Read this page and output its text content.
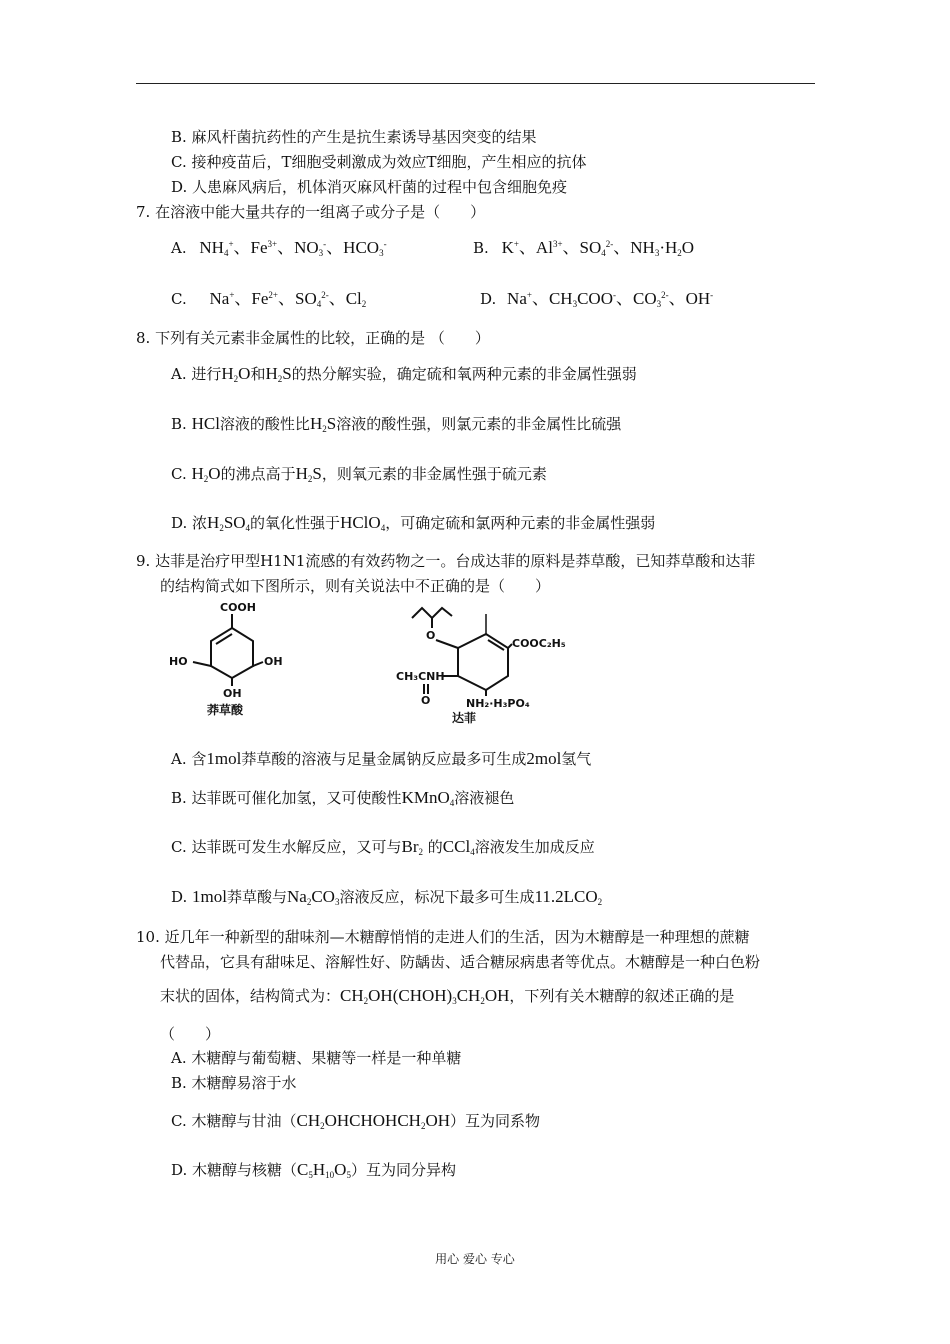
B. 麻风杆菌抗药性的产生是抗生素诱导基因突变的结果
C. 接种疫苗后，T细胞受刺激成为效应T细胞，产生相应的抗体
D. 人患麻风病后，机体消灭麻风杆菌的过程中包含细胞免疫
7. 在溶液中能大量共存的一组离子或分子是（　　）
A. $NH_4^+$、$Fe^{3+}$、$NO_3^-$、$HCO_3^-$	B. K+、$Al^{3+}$、$SO_4^{2-}$、$NH_3\cdot H_2O$
C. Na+、$Fe^{2+}$、$SO_4^{2-}$、$Cl_2$	D. Na+、$CH_3COO^-$、$CO_3^{2-}$、OH-
8. 下列有关元素非金属性的比较，正确的是 （　　）
A. 进行$H_2O$和$H_2S$的热分解实验，确定硫和氧两种元素的非金属性强弱
B. HCl溶液的酸性比$H_2S$溶液的酸性强，则氯元素的非金属性比硫强
C. $H_2O$的沸点高于$H_2S$，则氧元素的非金属性强于硫元素
D. 浓$H_2SO_4$的氧化性强于HClO$_4$，可确定硫和氯两种元素的非金属性强弱
9. 达菲是治疗甲型H1N1流感的有效药物之一。台成达菲的原料是莽草酸，已知莽草酸和达菲
的结构简式如下图所示，则有关说法中不正确的是（　　）
COOH
HO	OH
OH
莽草酸
O
COOC₂H₅
CH₃CNH
O	NH₂·H₃PO₄
达菲
A. 含1mol莽草酸的溶液与足量金属钠反应最多可生成2mol氢气
B. 达菲既可催化加氢，又可使酸性KMnO$_4$溶液褪色
C. 达菲既可发生水解反应，又可与$Br_2$ 的CCl$_4$溶液发生加成反应
D. 1mol莽草酸与$Na_2CO_3$溶液反应，标况下最多可生成$11.2LCO_2$
10. 近几年一种新型的甜味剂—木糖醇悄悄的走进人们的生活，因为木糖醇是一种理想的蔗糖
代替品，它具有甜味足、溶解性好、防龋齿、适合糖尿病患者等优点。木糖醇是一种白色粉
末状的固体，结构简式为：$CH_2OH(CHOH)_3CH_2OH$，下列有关木糖醇的叙述正确的是
（　　）
A. 木糖醇与葡萄糖、果糖等一样是一种单糖
B. 木糖醇易溶于水
C. 木糖醇与甘油$(CH_2OHCHOHCH_2OH)$互为同系物
D. 木糖醇与核糖$(C_5H_{10}O_5)$互为同分异构
用心 爱心 专心
